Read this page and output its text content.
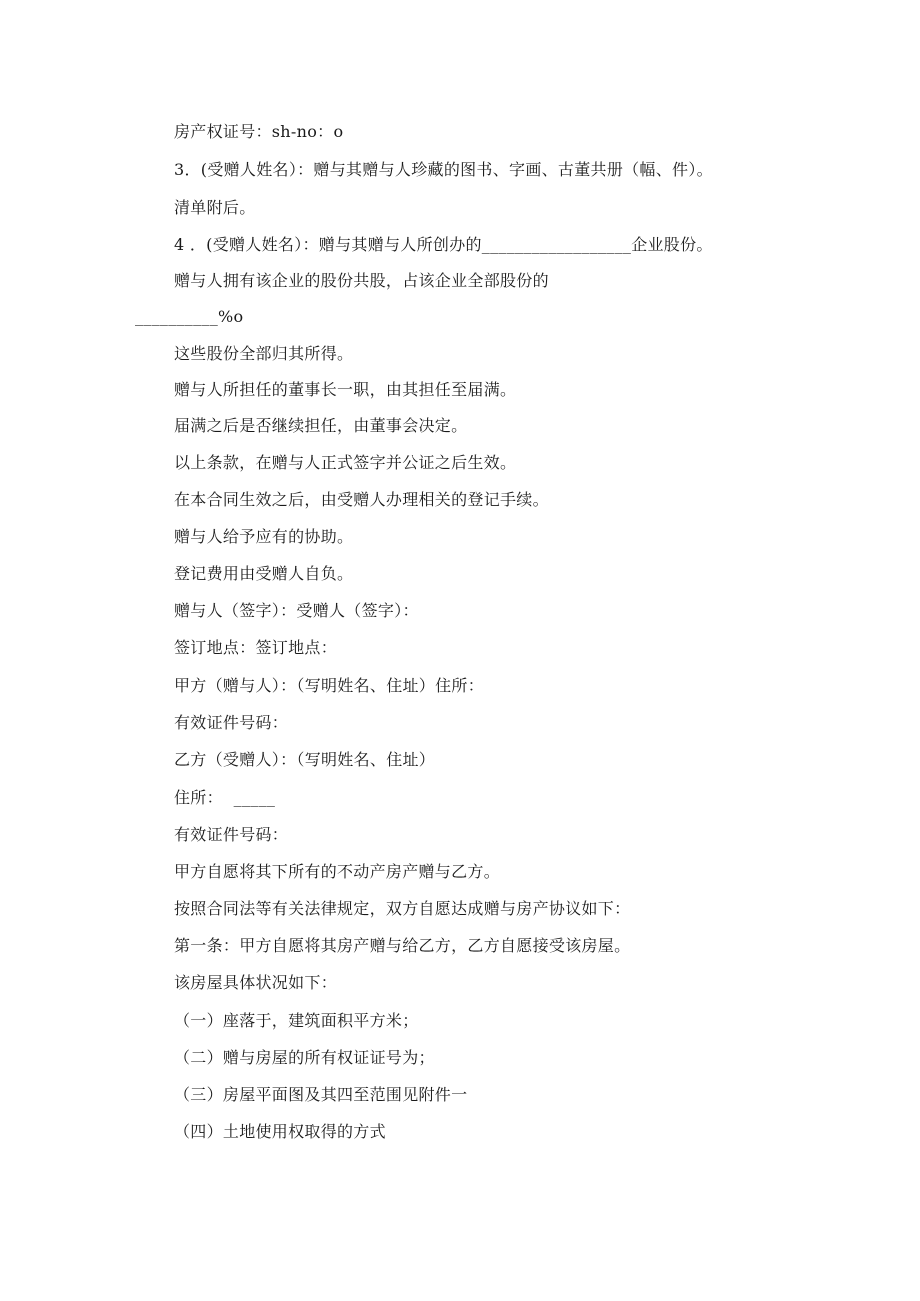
房产权证号：sh-no：o
3．(受赠人姓名）：赠与其赠与人珍藏的图书、字画、古董共册（幅、件）。
清单附后。
4 ．(受赠人姓名）：赠与其赠与人所创办的__________________企业股份。
赠与人拥有该企业的股份共股，占该企业全部股份的
__________%o
这些股份全部归其所得。
赠与人所担任的董事长一职，由其担任至届满。
届满之后是否继续担任，由董事会决定。
以上条款，在赠与人正式签字并公证之后生效。
在本合同生效之后，由受赠人办理相关的登记手续。
赠与人给予应有的协助。
登记费用由受赠人自负。
赠与人（签字）：受赠人（签字）：
签订地点：签订地点：
甲方（赠与人）：（写明姓名、住址）住所：
有效证件号码：
乙方（受赠人）：（写明姓名、住址）
住所：  _____
有效证件号码：
甲方自愿将其下所有的不动产房产赠与乙方。
按照合同法等有关法律规定，双方自愿达成赠与房产协议如下：
第一条：甲方自愿将其房产赠与给乙方，乙方自愿接受该房屋。
该房屋具体状况如下：
（一）座落于，建筑面积平方米；
（二）赠与房屋的所有权证证号为；
（三）房屋平面图及其四至范围见附件一
（四）土地使用权取得的方式
